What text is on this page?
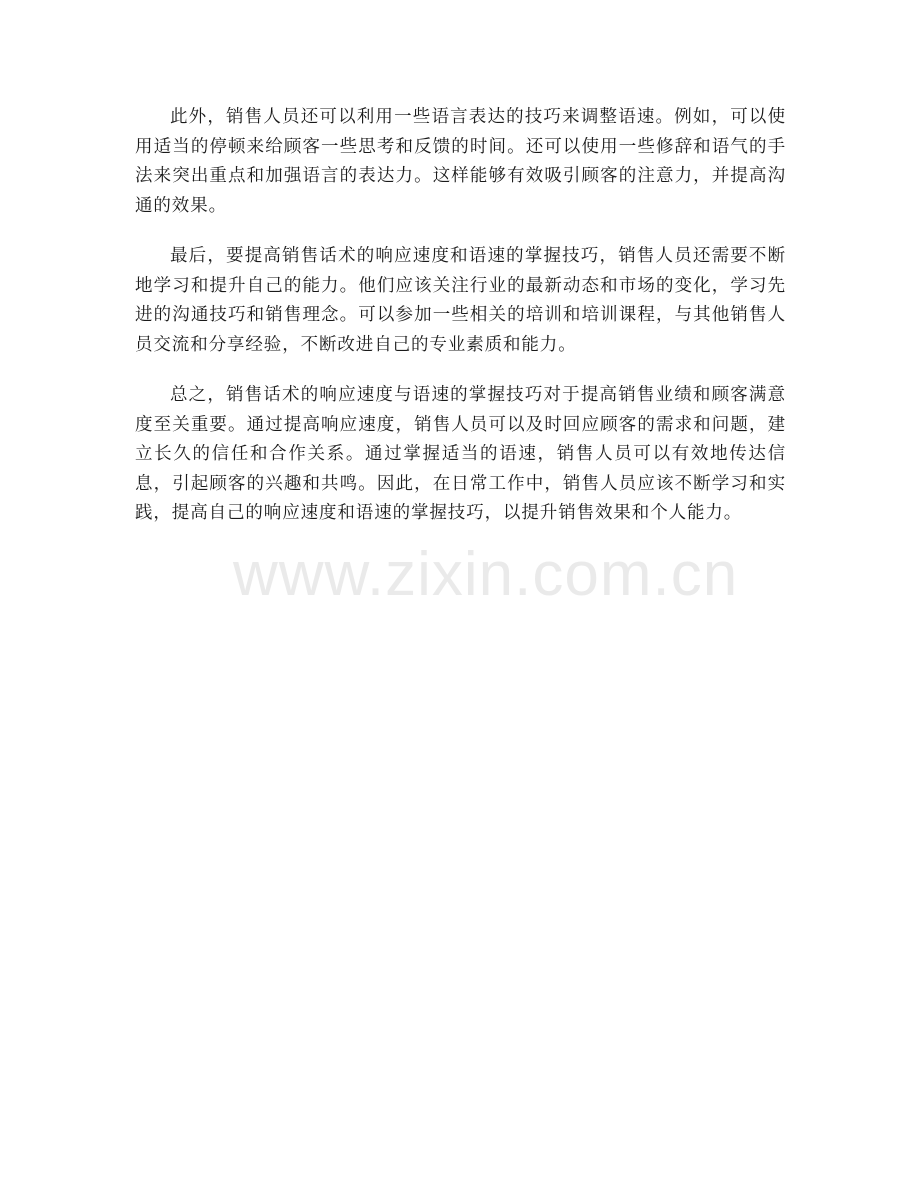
此外，销售人员还可以利用一些语言表达的技巧来调整语速。例如，可以使用适当的停顿来给顾客一些思考和反馈的时间。还可以使用一些修辞和语气的手法来突出重点和加强语言的表达力。这样能够有效吸引顾客的注意力，并提高沟通的效果。

最后，要提高销售话术的响应速度和语速的掌握技巧，销售人员还需要不断地学习和提升自己的能力。他们应该关注行业的最新动态和市场的变化，学习先进的沟通技巧和销售理念。可以参加一些相关的培训和培训课程，与其他销售人员交流和分享经验，不断改进自己的专业素质和能力。

总之，销售话术的响应速度与语速的掌握技巧对于提高销售业绩和顾客满意度至关重要。通过提高响应速度，销售人员可以及时回应顾客的需求和问题，建立长久的信任和合作关系。通过掌握适当的语速，销售人员可以有效地传达信息，引起顾客的兴趣和共鸣。因此，在日常工作中，销售人员应该不断学习和实践，提高自己的响应速度和语速的掌握技巧，以提升销售效果和个人能力。

www.zixin.com.cn
